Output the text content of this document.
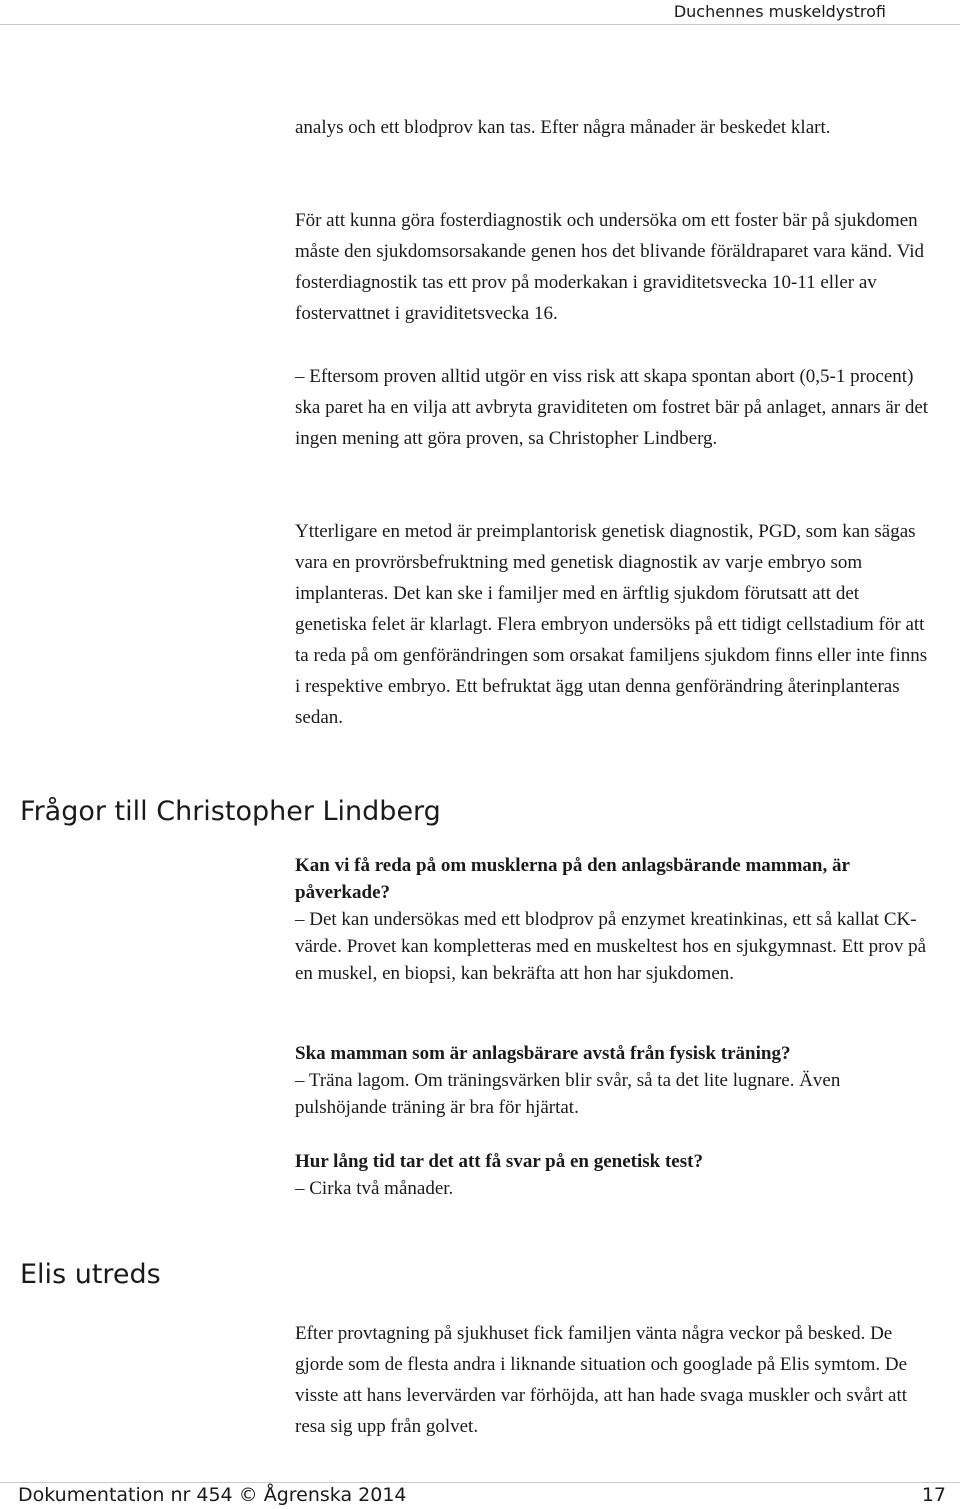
Duchennes muskeldystrofi

analys och ett blodprov kan tas. Efter några månader är beskedet klart.

För att kunna göra fosterdiagnostik och undersöka om ett foster bär på sjukdomen måste den sjukdomsorsakande genen hos det blivande föräldraparet vara känd. Vid fosterdiagnostik tas ett prov på moderkakan i graviditetsvecka 10-11 eller av fostervattnet i graviditetsvecka 16.

– Eftersom proven alltid utgör en viss risk att skapa spontan abort (0,5-1 procent) ska paret ha en vilja att avbryta graviditeten om fostret bär på anlaget, annars är det ingen mening att göra proven, sa Christopher Lindberg.

Ytterligare en metod är preimplantorisk genetisk diagnostik, PGD, som kan sägas vara en provrörsbefruktning med genetisk diagnostik av varje embryo som implanteras. Det kan ske i familjer med en ärftlig sjukdom förutsatt att det genetiska felet är klarlagt. Flera embryon undersöks på ett tidigt cellstadium för att ta reda på om genförändringen som orsakat familjens sjukdom finns eller inte finns i respektive embryo. Ett befruktat ägg utan denna genförändring återinplanteras sedan.

Frågor till Christopher Lindberg
Kan vi få reda på om musklerna på den anlagsbärande mamman, är påverkade?
– Det kan undersökas med ett blodprov på enzymet kreatinkinas, ett så kallat CK-värde. Provet kan kompletteras med en muskeltest hos en sjukgymnast. Ett prov på en muskel, en biopsi, kan bekräfta att hon har sjukdomen.
Ska mamman som är anlagsbärare avstå från fysisk träning?
– Träna lagom. Om träningsvärken blir svår, så ta det lite lugnare. Även pulshöjande träning är bra för hjärtat.
Hur lång tid tar det att få svar på en genetisk test?
– Cirka två månader.
Elis utreds

Efter provtagning på sjukhuset fick familjen vänta några veckor på besked. De gjorde som de flesta andra i liknande situation och googlade på Elis symtom. De visste att hans levervärden var förhöjda, att han hade svaga muskler och svårt att resa sig upp från golvet.

Dokumentation nr 454 © Ågrenska 2014	17
